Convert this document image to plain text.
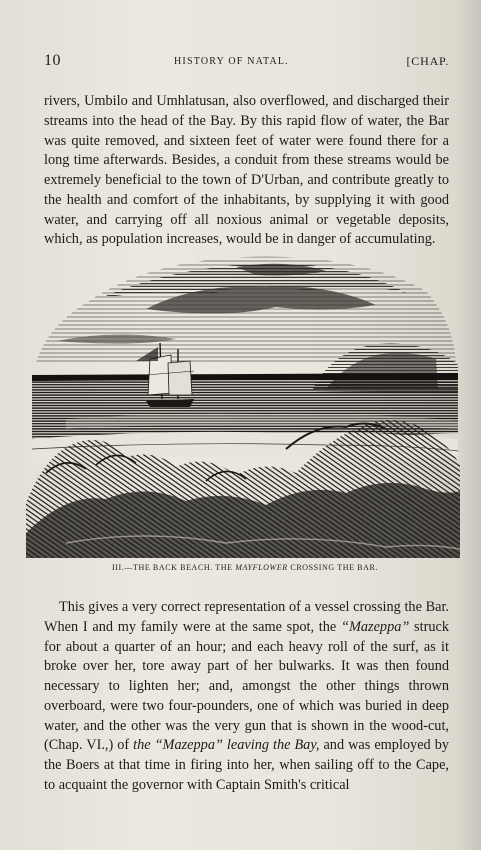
10	HISTORY OF NATAL.	[CHAP.

rivers, Umbilo and Umhlatusan, also overflowed, and discharged their streams into the head of the Bay. By this rapid flow of water, the Bar was quite removed, and sixteen feet of water were found there for a long time afterwards. Besides, a conduit from these streams would be extremely beneficial to the town of D'Urban, and contribute greatly to the health and comfort of the inhabitants, by supplying it with good water, and carrying off all noxious animal or vegetable deposits, which, as population increases, would be in danger of accumulating.

III.—THE BACK BEACH. THE MAYFLOWER CROSSING THE BAR.

This gives a very correct representation of a vessel crossing the Bar. When I and my family were at the same spot, the “Mazeppa” struck for about a quarter of an hour; and each heavy roll of the surf, as it broke over her, tore away part of her bulwarks. It was then found necessary to lighten her; and, amongst the other things thrown overboard, were two four-pounders, one of which was buried in deep water, and the other was the very gun that is shown in the wood-cut, (Chap. VI.,) of the “Mazeppa” leaving the Bay, and was employed by the Boers at that time in firing into her, when sailing off to the Cape, to acquaint the governor with Captain Smith's critical
